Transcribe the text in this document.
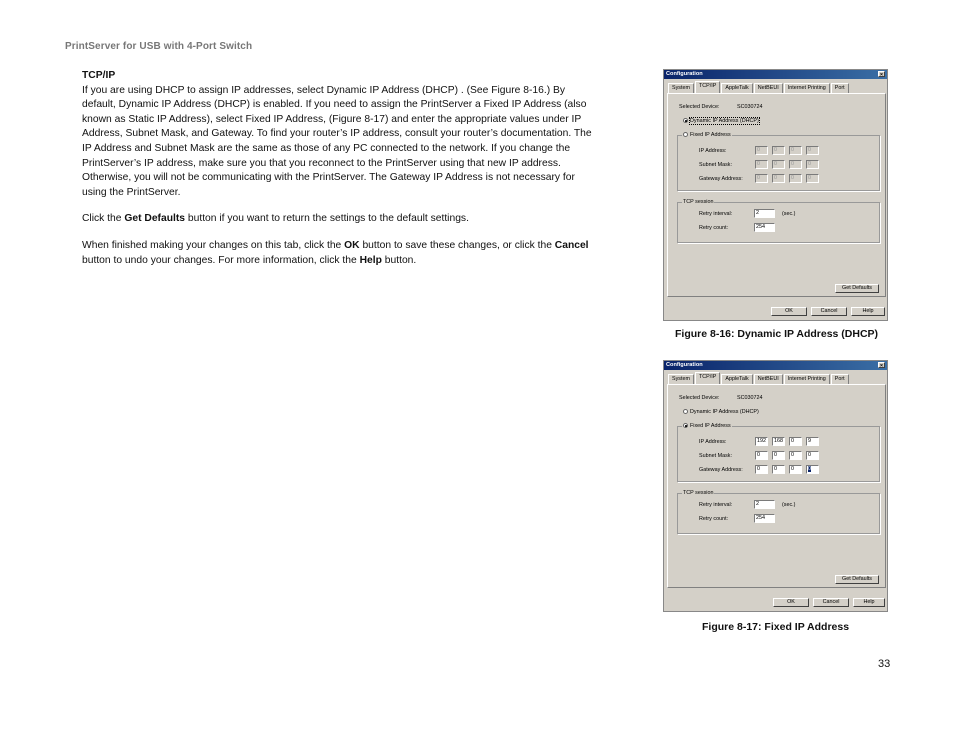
PrintServer for USB with 4-Port Switch
TCP/IP

If you are using DHCP to assign IP addresses, select Dynamic IP Address (DHCP) . (See Figure 8-16.) By default, Dynamic IP Address (DHCP) is enabled. If you need to assign the PrintServer a Fixed IP Address (also known as Static IP Address), select Fixed IP Address, (Figure 8-17) and enter the appropriate values under IP Address, Subnet Mask, and Gateway. To find your router’s IP address, consult your router’s documentation. The IP Address and Subnet Mask are the same as those of any PC connected to the network. If you change the PrintServer’s IP address, make sure you that you reconnect to the PrintServer using that new IP address. Otherwise, you will not be communicating with the PrintServer. The Gateway IP Address is not necessary for using the PrintServer.

Click the Get Defaults button if you want to return the settings to the default settings.

When finished making your changes on this tab, click the OK button to save these changes, or click the Cancel button to undo your changes. For more information, click the Help button.

Configuration	×
System	TCP/IP	AppleTalk	NetBEUI	Internet Printing	Port
Selected Device:	SC030724
Dynamic IP Address (DHCP)
Fixed IP Address
IP Address:	0	0	0	0
Subnet Mask:	0	0	0	0
Gateway Address:	0	0	0	0
TCP session
Retry interval:	2	(sec.)
Retry count:	254
Get Defaults
OK	Cancel	Help
Figure 8-16: Dynamic IP Address (DHCP)
Configuration	×
System	TCP/IP	AppleTalk	NetBEUI	Internet Printing	Port
Selected Device:	SC030724
Dynamic IP Address (DHCP)
Fixed IP Address
IP Address:	192	168	0	9
Subnet Mask:	0	0	0	0
Gateway Address:	0	0	0	0
TCP session
Retry interval:	2	(sec.)
Retry count:	254
Get Defaults
OK	Cancel	Help
Figure 8-17: Fixed IP Address
33
